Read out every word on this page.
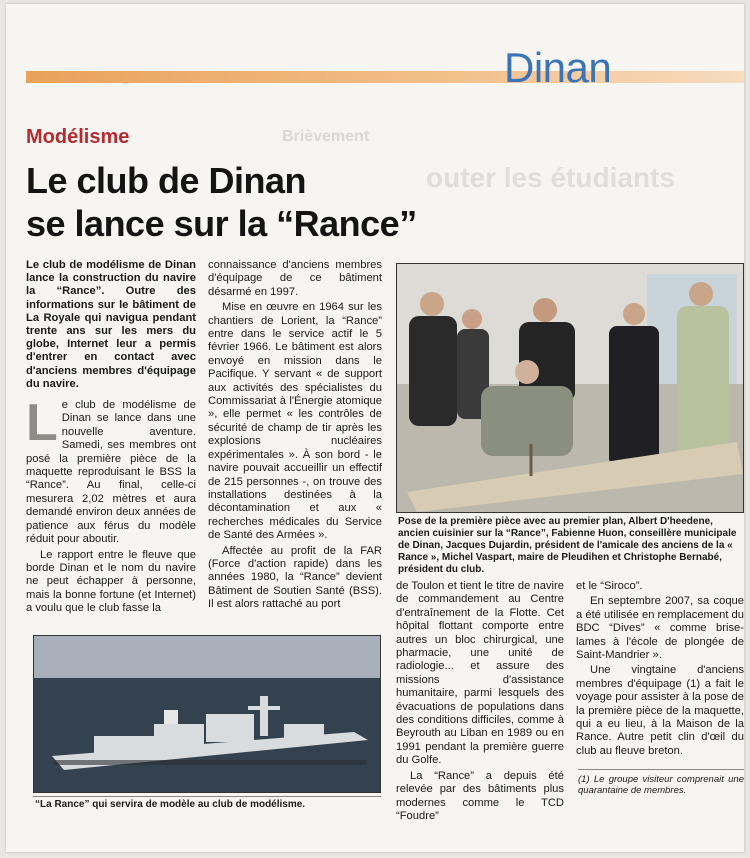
Brièvement
outer les étudiants
Dinan
Modélisme
Le club de Dinan
se lance sur la “Rance”
Le club de modélisme de Dinan lance la construction du navire la “Rance”. Outre des informations sur le bâtiment de La Royale qui navigua pendant trente ans sur les mers du globe, Internet leur a permis d'entrer en contact avec d'anciens membres d'équipage du navire.
L e club de modélisme de Dinan se lance dans une nouvelle aventure. Samedi, ses membres ont posé la première pièce de la maquette reproduisant le BSS la “Rance”. Au final, celle-ci mesurera 2,02 mètres et aura demandé environ deux années de patience aux férus du modèle réduit pour aboutir.

Le rapport entre le fleuve que borde Dinan et le nom du navire ne peut échapper à personne, mais la bonne fortune (et Internet) a voulu que le club fasse la

connaissance d'anciens membres d'équipage de ce bâtiment désarmé en 1997.

Mise en œuvre en 1964 sur les chantiers de Lorient, la “Rance” entre dans le service actif le 5 février 1966. Le bâtiment est alors envoyé en mission dans le Pacifique. Y servant « de support aux activités des spécialistes du Commissariat à l'Énergie atomique », elle permet « les contrôles de sécurité de champ de tir après les explosions nucléaires expérimentales ». À son bord - le navire pouvait accueillir un effectif de 215 personnes -, on trouve des installations destinées à la décontamination et aux « recherches médicales du Service de Santé des Armées ».

Affectée au profit de la FAR (Force d'action rapide) dans les années 1980, la “Rance” devient Bâtiment de Soutien Santé (BSS). Il est alors rattaché au port

Pose de la première pièce avec au premier plan, Albert D'heedene, ancien cuisinier sur la “Rance”, Fabienne Huon, conseillère municipale de Dinan, Jacques Dujardin, président de l'amicale des anciens de la « Rance », Michel Vaspart, maire de Pleudihen et Christophe Bernabé, président du club.

de Toulon et tient le titre de navire de commandement au Centre d'entraînement de la Flotte. Cet hôpital flottant comporte entre autres un bloc chirurgical, une pharmacie, une unité de radiologie... et assure des missions d'assistance humanitaire, parmi lesquels des évacuations de populations dans des conditions difficiles, comme à Beyrouth au Liban en 1989 ou en 1991 pendant la première guerre du Golfe.

La “Rance” a depuis été relevée par des bâtiments plus modernes comme le TCD “Foudre”

et le “Siroco”.

En septembre 2007, sa coque a été utilisée en remplacement du BDC “Dives” « comme brise-lames à l'école de plongée de Saint-Mandrier ».

Une vingtaine d'anciens membres d'équipage (1) a fait le voyage pour assister à la pose de la première pièce de la maquette, qui a eu lieu, à la Maison de la Rance. Autre petit clin d'œil du club au fleuve breton.

(1) Le groupe visiteur comprenait une quarantaine de membres.
“La Rance” qui servira de modèle au club de modélisme.
